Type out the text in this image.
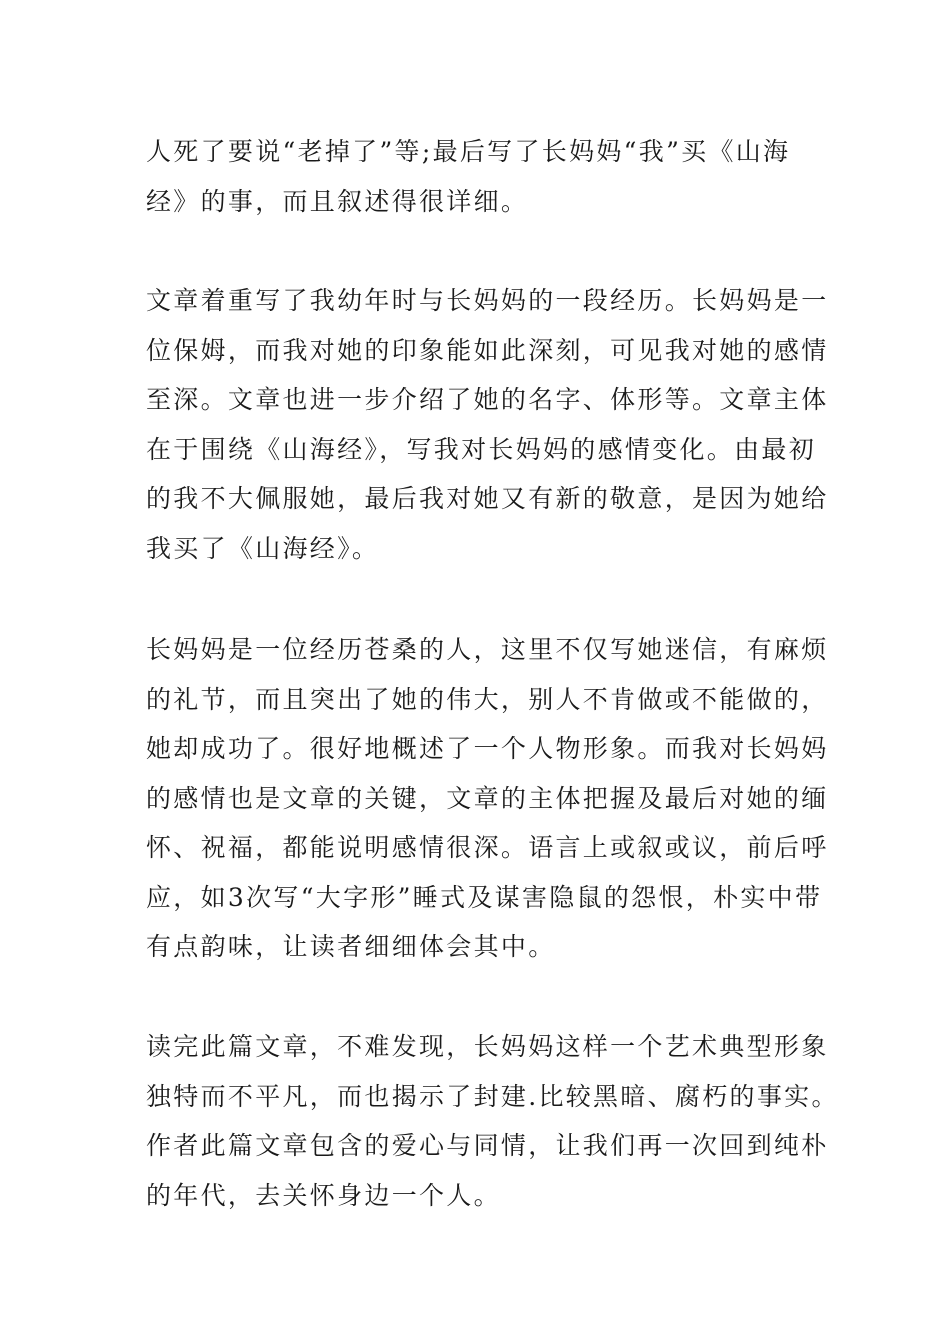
人死了要说“老掉了”等;最后写了长妈妈“我”买《山海
经》的事，而且叙述得很详细。

文章着重写了我幼年时与长妈妈的一段经历。长妈妈是一
位保姆，而我对她的印象能如此深刻，可见我对她的感情
至深。文章也进一步介绍了她的名字、体形等。文章主体
在于围绕《山海经》，写我对长妈妈的感情变化。由最初
的我不大佩服她，最后我对她又有新的敬意，是因为她给
我买了《山海经》。

长妈妈是一位经历苍桑的人，这里不仅写她迷信，有麻烦
的礼节，而且突出了她的伟大，别人不肯做或不能做的，
她却成功了。很好地概述了一个人物形象。而我对长妈妈
的感情也是文章的关键，文章的主体把握及最后对她的缅
怀、祝福，都能说明感情很深。语言上或叙或议，前后呼
应，如3次写“大字形”睡式及谋害隐鼠的怨恨，朴实中带
有点韵味，让读者细细体会其中。

读完此篇文章，不难发现，长妈妈这样一个艺术典型形象
独特而不平凡，而也揭示了封建.比较黑暗、腐朽的事实。
作者此篇文章包含的爱心与同情，让我们再一次回到纯朴
的年代，去关怀身边一个人。
